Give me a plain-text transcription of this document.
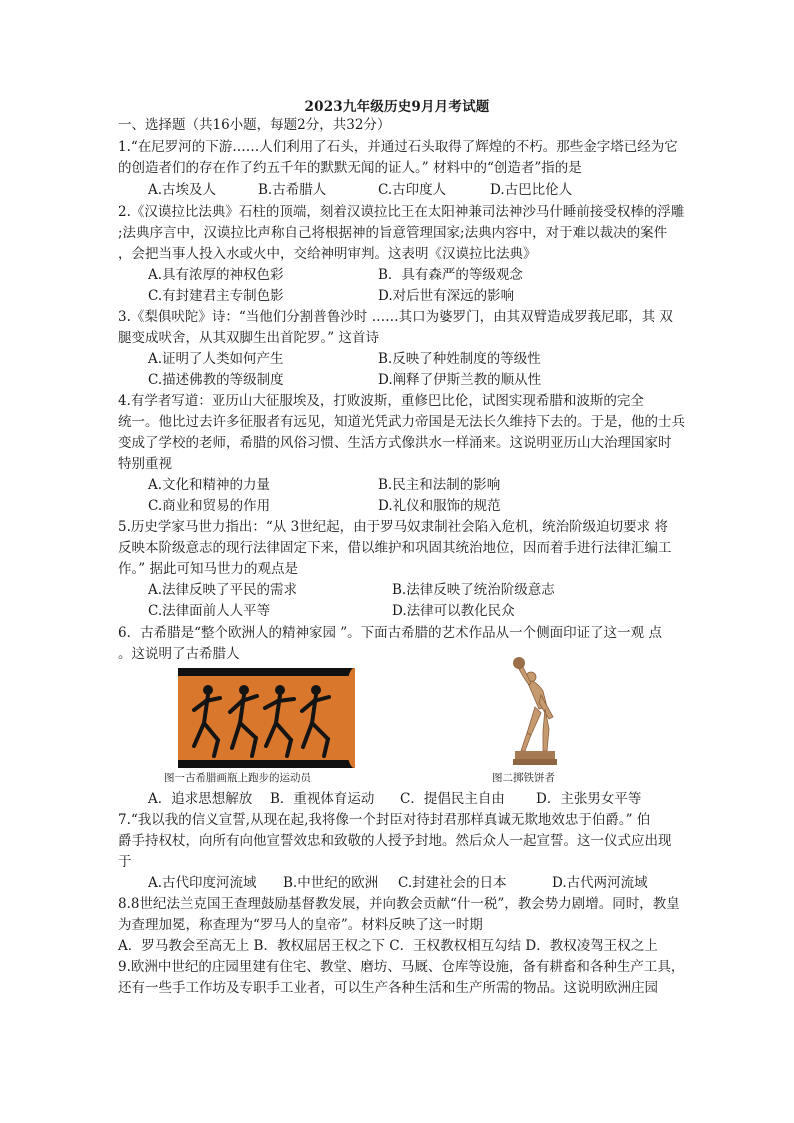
2023九年级历史9月月考试题
一、选择题（共16小题，每题2分，共32分）
1.“在尼罗河的下游……人们利用了石头，并通过石头取得了辉煌的不朽。那些金字塔已经为它
的创造者们的存在作了约五千年的默默无闻的证人。” 材料中的“创造者”指的是
A.古埃及人	B.古希腊人	C.古印度人	D.古巴比伦人
2.《汉谟拉比法典》石柱的顶端，刻着汉谟拉比王在太阳神兼司法神沙马什睡前接受权棒的浮雕
;法典序言中，汉谟拉比声称自己将根据神的旨意管理国家;法典内容中，对于难以裁决的案件
，会把当事人投入水或火中，交给神明审判。这表明《汉谟拉比法典》
A.具有浓厚的神权色彩	B．具有森严的等级观念
C.有封建君主专制色影	D.对后世有深远的影响
3.《梨俱吠陀》诗：“当他们分割普鲁沙时 ……其口为婆罗门，由其双臂造成罗莪尼耶，其 双
腿变成吠舍，从其双脚生出首陀罗。” 这首诗
A.证明了人类如何产生	B.反映了种姓制度的等级性
C.描述佛教的等级制度	D.阐释了伊斯兰教的顺从性
4.有学者写道：亚历山大征服埃及，打败波斯，重修巴比伦，试图实现希腊和波斯的完全
统一。他比过去许多征服者有远见，知道光凭武力帝国是无法长久维持下去的。于是，他的士兵
变成了学校的老师，希腊的风俗习惯、生活方式像洪水一样涌来。这说明亚历山大治理国家时
特别重视
A.文化和精神的力量	B.民主和法制的影响
C.商业和贸易的作用	D.礼仪和服饰的规范
5.历史学家马世力指出：“从 3世纪起，由于罗马奴隶制社会陷入危机，统治阶级迫切要求 将
反映本阶级意志的现行法律固定下来，借以维护和巩固其统治地位，因而着手进行法律汇编工
作。” 据此可知马世力的观点是
A.法律反映了平民的需求	B.法律反映了统治阶级意志
C.法律面前人人平等	D.法律可以教化民众
6．古希腊是“整个欧洲人的精神家园 ”。下面古希腊的艺术作品从一个侧面印证了这一观 点
。这说明了古希腊人
图一古希腊画瓶上跑步的运动员	图二掷铁饼者
A．追求思想解放 B．重视体育运动 C．提倡民主自由 D．主张男女平等
7.“我以我的信义宣誓,从现在起,我将像一个封臣对待封君那样真诚无欺地效忠于伯爵。” 伯
爵手持权杖，向所有向他宣誓效忠和致敬的人授予封地。然后众人一起宣誓。这一仪式应出现
于
A.古代印度河流域 B.中世纪的欧洲 C.封建社会的日本	D.古代两河流域
8.8世纪法兰克国王查理鼓励基督教发展，并向教会贡献“什一税”，教会势力剧增。同时，教皇
为查理加冕，称查理为“罗马人的皇帝”。材料反映了这一时期
A．罗马教会至高无上 B．教权屈居王权之下 C．王权教权相互勾结 D．教权凌驾王权之上
9.欧洲中世纪的庄园里建有住宅、教堂、磨坊、马厩、仓库等设施，备有耕畜和各种生产工具，
还有一些手工作坊及专职手工业者，可以生产各种生活和生产所需的物品。这说明欧洲庄园
